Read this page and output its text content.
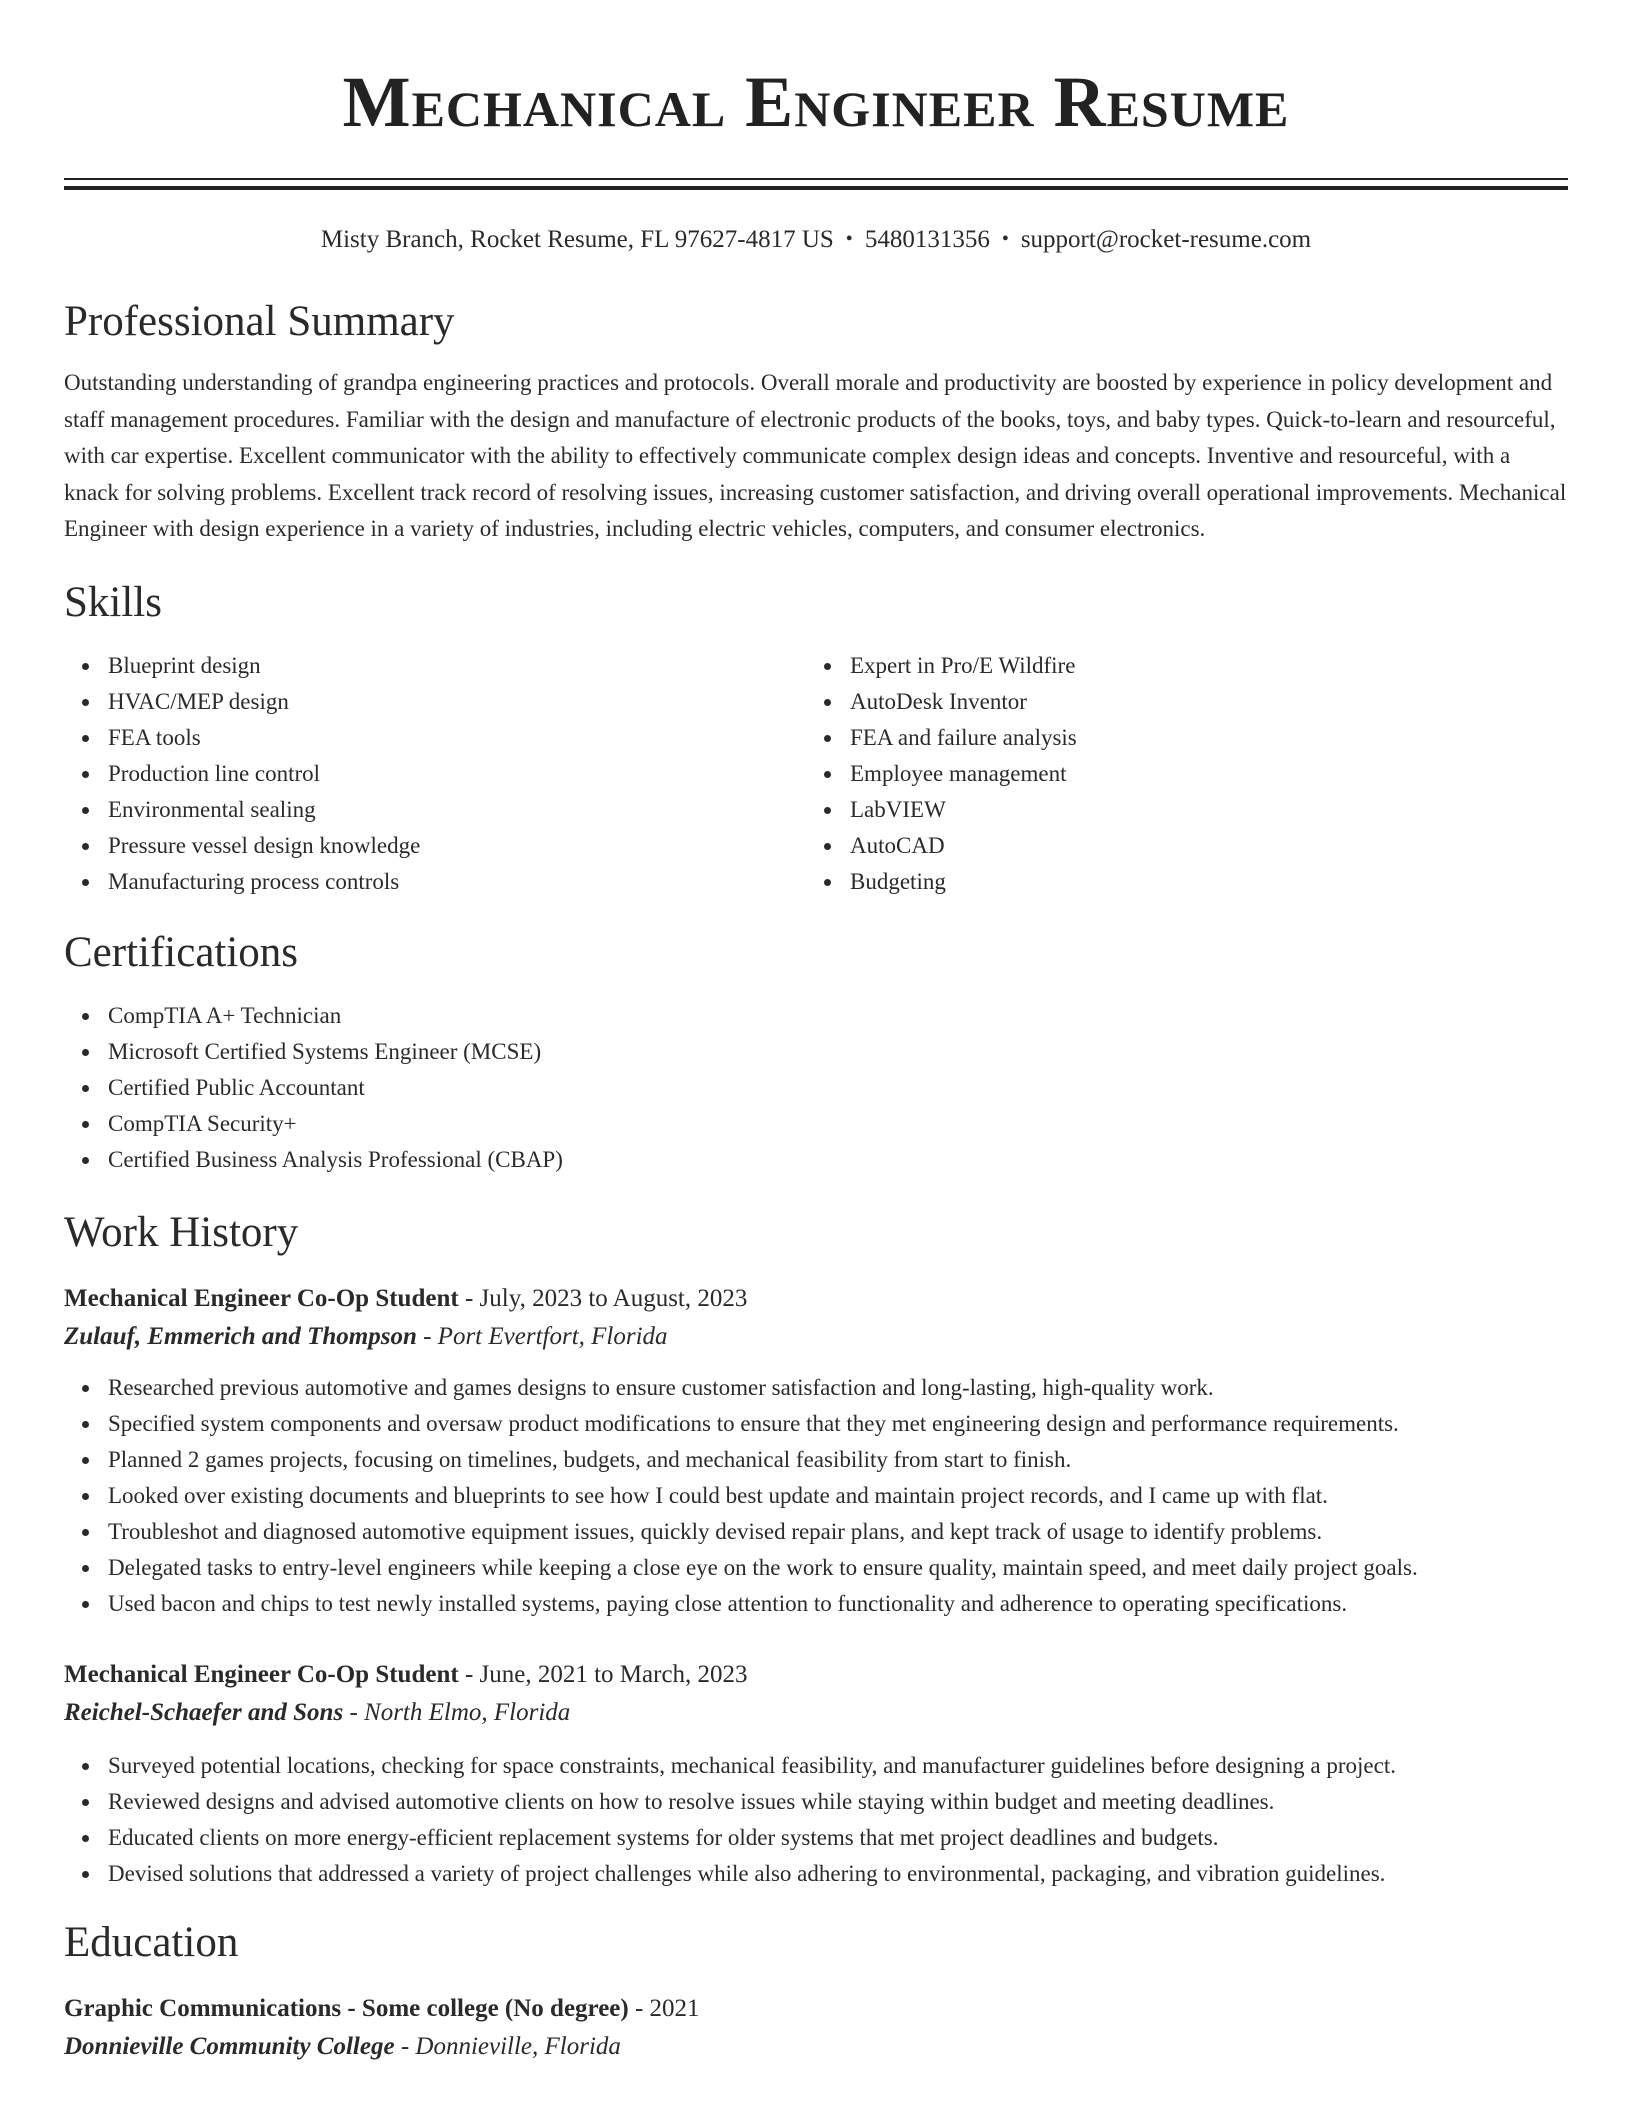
Mechanical Engineer Resume
Misty Branch, Rocket Resume, FL 97627-4817 US • 5480131356 • support@rocket-resume.com
Professional Summary

Outstanding understanding of grandpa engineering practices and protocols. Overall morale and productivity are boosted by experience in policy development and staff management procedures. Familiar with the design and manufacture of electronic products of the books, toys, and baby types. Quick-to-learn and resourceful, with car expertise. Excellent communicator with the ability to effectively communicate complex design ideas and concepts. Inventive and resourceful, with a knack for solving problems. Excellent track record of resolving issues, increasing customer satisfaction, and driving overall operational improvements. Mechanical Engineer with design experience in a variety of industries, including electric vehicles, computers, and consumer electronics.

Skills
Blueprint design
HVAC/MEP design
FEA tools
Production line control
Environmental sealing
Pressure vessel design knowledge
Manufacturing process controls
Expert in Pro/E Wildfire
AutoDesk Inventor
FEA and failure analysis
Employee management
LabVIEW
AutoCAD
Budgeting
Certifications
CompTIA A+ Technician
Microsoft Certified Systems Engineer (MCSE)
Certified Public Accountant
CompTIA Security+
Certified Business Analysis Professional (CBAP)
Work History
Mechanical Engineer Co-Op Student - July, 2023 to August, 2023
Zulauf, Emmerich and Thompson - Port Evertfort, Florida
Researched previous automotive and games designs to ensure customer satisfaction and long-lasting, high-quality work.
Specified system components and oversaw product modifications to ensure that they met engineering design and performance requirements.
Planned 2 games projects, focusing on timelines, budgets, and mechanical feasibility from start to finish.
Looked over existing documents and blueprints to see how I could best update and maintain project records, and I came up with flat.
Troubleshot and diagnosed automotive equipment issues, quickly devised repair plans, and kept track of usage to identify problems.
Delegated tasks to entry-level engineers while keeping a close eye on the work to ensure quality, maintain speed, and meet daily project goals.
Used bacon and chips to test newly installed systems, paying close attention to functionality and adherence to operating specifications.
Mechanical Engineer Co-Op Student - June, 2021 to March, 2023
Reichel-Schaefer and Sons - North Elmo, Florida
Surveyed potential locations, checking for space constraints, mechanical feasibility, and manufacturer guidelines before designing a project.
Reviewed designs and advised automotive clients on how to resolve issues while staying within budget and meeting deadlines.
Educated clients on more energy-efficient replacement systems for older systems that met project deadlines and budgets.
Devised solutions that addressed a variety of project challenges while also adhering to environmental, packaging, and vibration guidelines.
Education
Graphic Communications - Some college (No degree) - 2021
Donnieville Community College - Donnieville, Florida
